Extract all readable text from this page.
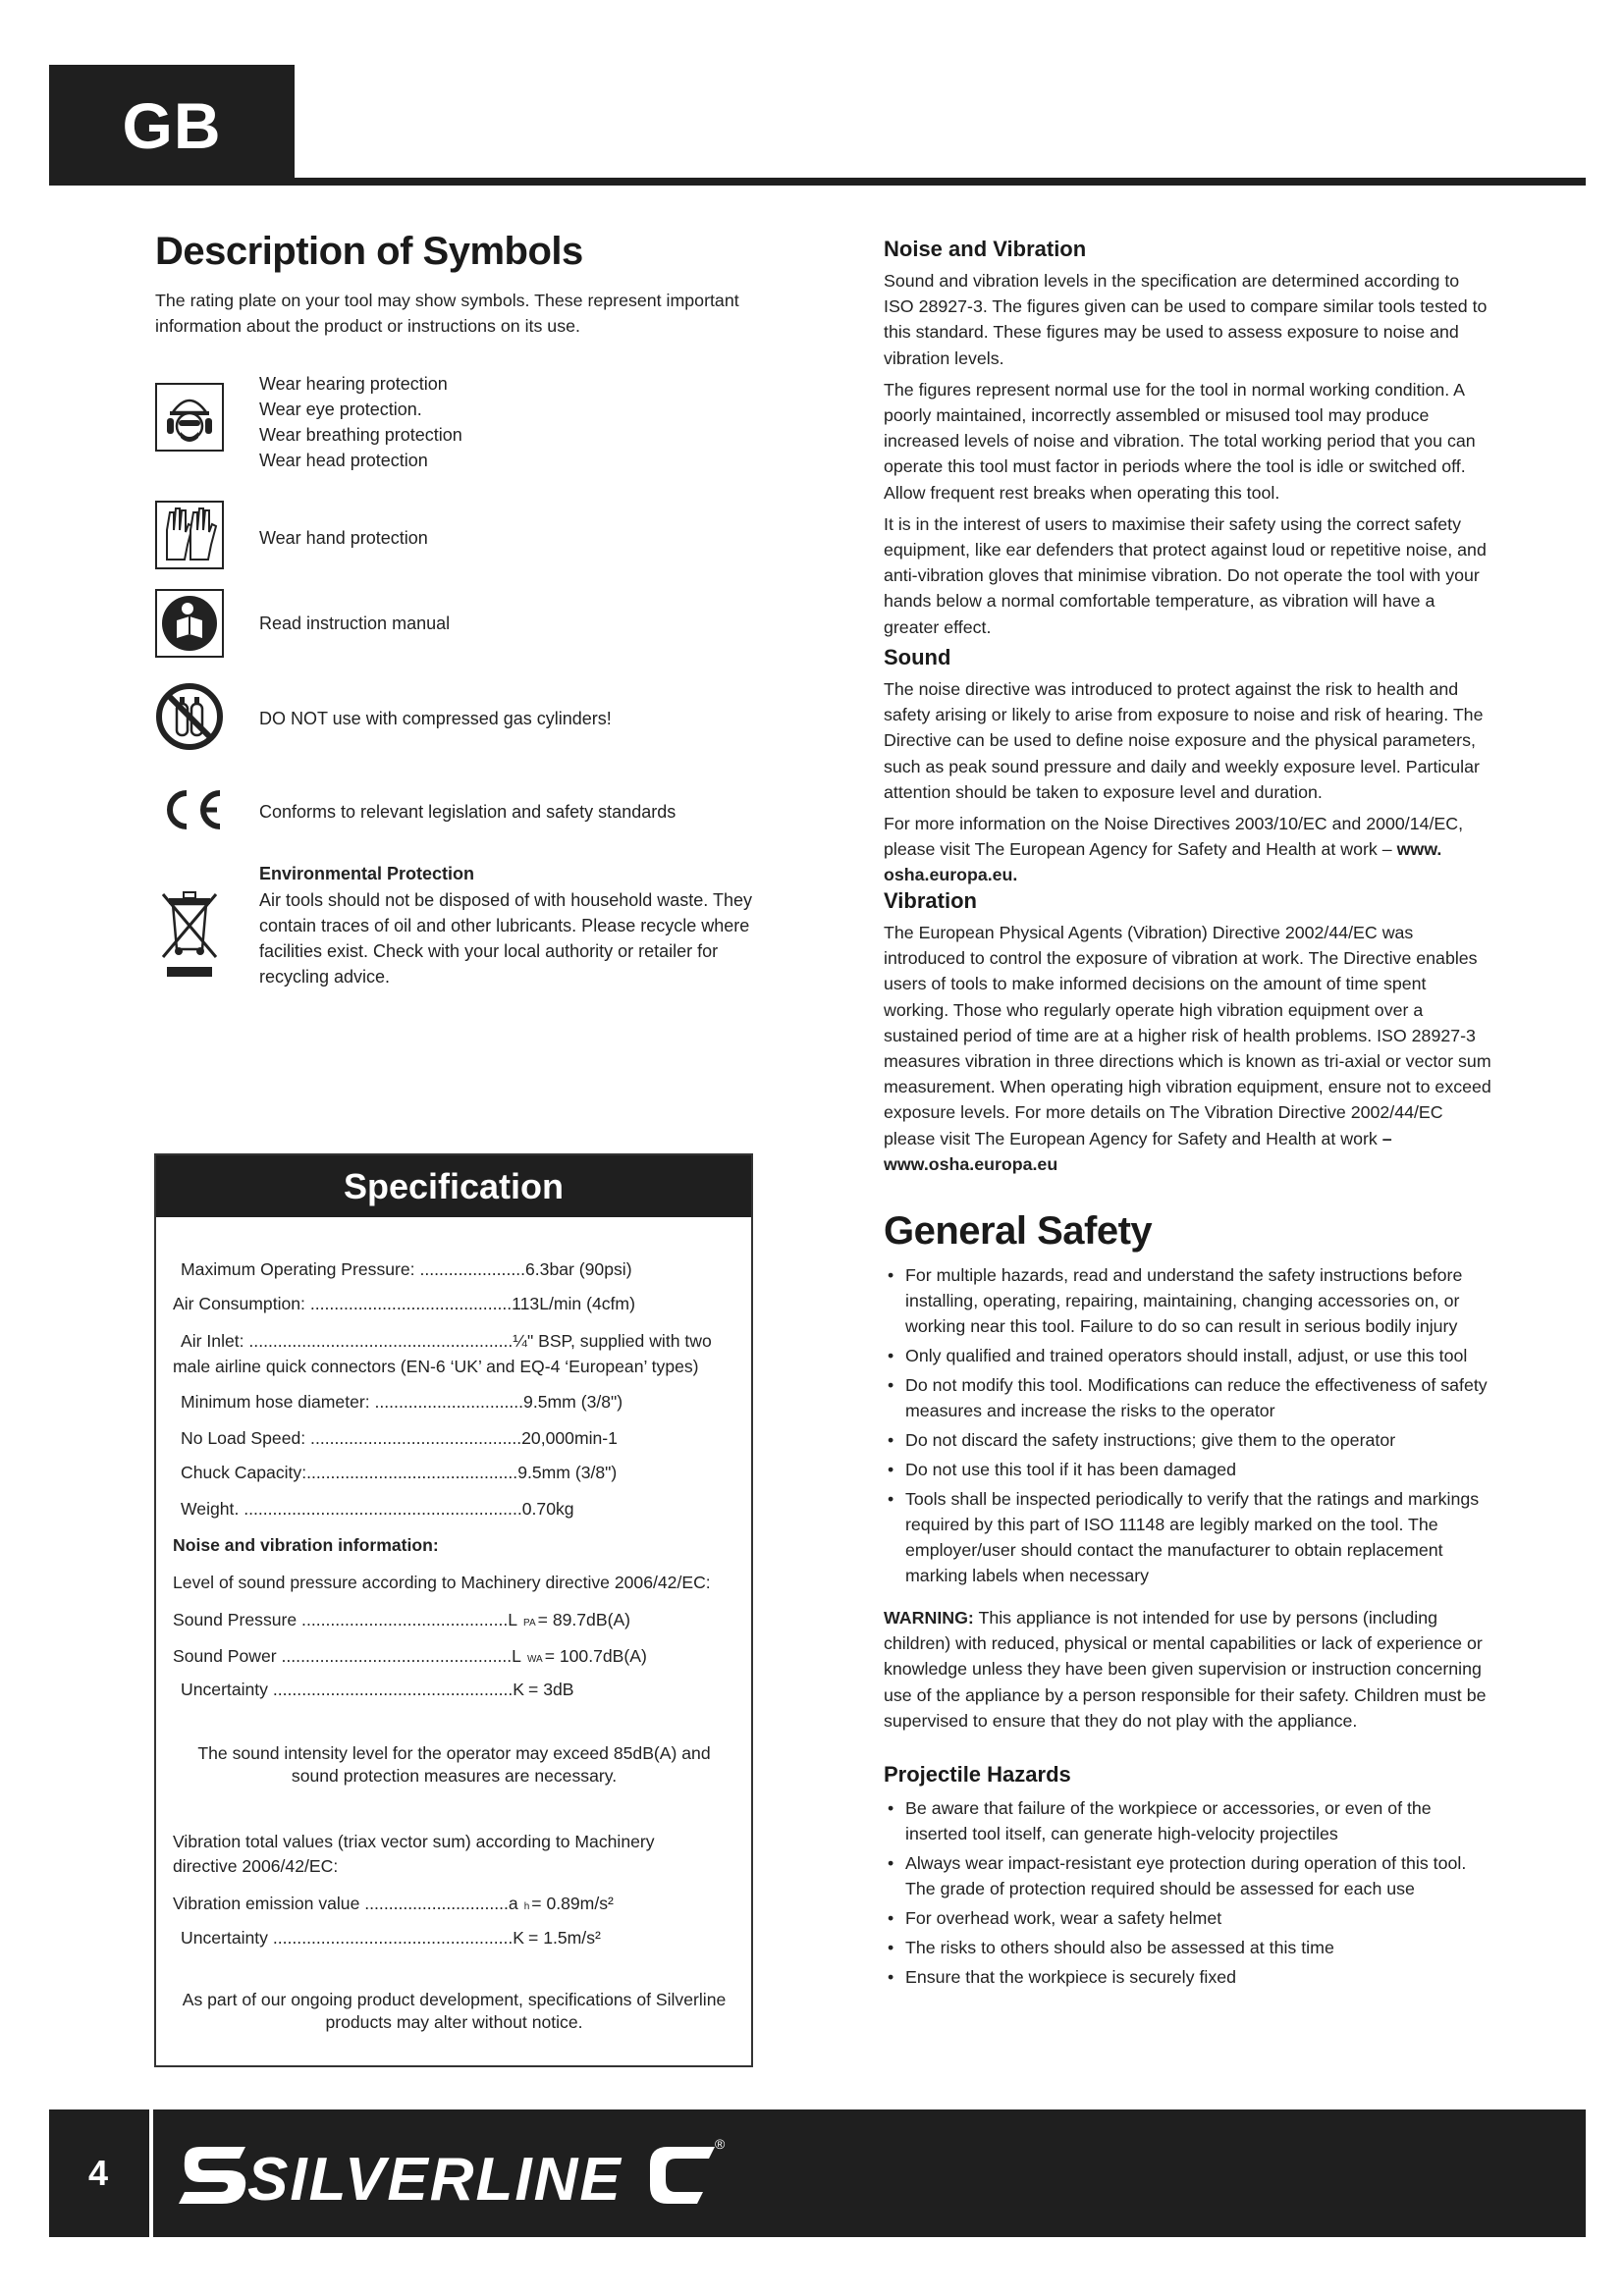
GB
Description of Symbols
The rating plate on your tool may show symbols. These represent important information about the product or instructions on its use.
Wear hearing protection
Wear eye protection.
Wear breathing protection
Wear head protection
Wear hand protection
Read instruction manual
DO NOT use with compressed gas cylinders!
Conforms to relevant legislation and safety standards
Environmental Protection
Air tools should not be disposed of with household waste. They contain traces of oil and other lubricants. Please recycle where facilities exist. Check with your local authority or retailer for recycling advice.
Specification
Maximum Operating Pressure: ......................6.3bar (90psi)
Air Consumption: ..........................................113L/min (4cfm)
Air Inlet: .......................................................¼" BSP, supplied with two
male airline quick connectors (EN-6 ‘UK’ and EQ-4 ‘European’ types)
Minimum hose diameter: ...............................9.5mm (3/8")
No Load Speed: ............................................20,000min-1
Chuck Capacity:............................................9.5mm (3/8")
Weight. ..........................................................0.70kg
Noise and vibration information:
Level of sound pressure according to Machinery directive 2006/42/EC:
Sound Pressure ...........................................L PA = 89.7dB(A)
Sound Power ................................................L WA = 100.7dB(A)
Uncertainty ..................................................K = 3dB
The sound intensity level for the operator may exceed 85dB(A) and sound protection measures are necessary.
Vibration total values (triax vector sum) according to Machinery directive 2006/42/EC:
Vibration emission value ..............................a h = 0.89m/s²
Uncertainty ..................................................K = 1.5m/s²
As part of our ongoing product development, specifications of Silverline products may alter without notice.
Noise and Vibration

Sound and vibration levels in the specification are determined according to ISO 28927-3. The figures given can be used to compare similar tools tested to this standard. These figures may be used to assess exposure to noise and vibration levels.

The figures represent normal use for the tool in normal working condition. A poorly maintained, incorrectly assembled or misused tool may produce increased levels of noise and vibration. The total working period that you can operate this tool must factor in periods where the tool is idle or switched off. Allow frequent rest breaks when operating this tool.

It is in the interest of users to maximise their safety using the correct safety equipment, like ear defenders that protect against loud or repetitive noise, and anti-vibration gloves that minimise vibration. Do not operate the tool with your hands below a normal comfortable temperature, as vibration will have a greater effect.

Sound

The noise directive was introduced to protect against the risk to health and safety arising or likely to arise from exposure to noise and risk of hearing. The Directive can be used to define noise exposure and the physical parameters, such as peak sound pressure and daily and weekly exposure level. Particular attention should be taken to exposure level and duration.

For more information on the Noise Directives 2003/10/EC and 2000/14/EC, please visit The European Agency for Safety and Health at work – www. osha.europa.eu.

Vibration

The European Physical Agents (Vibration) Directive 2002/44/EC was introduced to control the exposure of vibration at work. The Directive enables users of tools to make informed decisions on the amount of time spent working. Those who regularly operate high vibration equipment over a sustained period of time are at a higher risk of health problems. ISO 28927-3 measures vibration in three directions which is known as tri-axial or vector sum measurement. When operating high vibration equipment, ensure not to exceed exposure levels. For more details on The Vibration Directive 2002/44/EC please visit The European Agency for Safety and Health at work –www.osha.europa.eu

General Safety
• For multiple hazards, read and understand the safety instructions before installing, operating, repairing, maintaining, changing accessories on, or working near this tool. Failure to do so can result in serious bodily injury
• Only qualified and trained operators should install, adjust, or use this tool
• Do not modify this tool. Modifications can reduce the effectiveness of safety measures and increase the risks to the operator
• Do not discard the safety instructions; give them to the operator
• Do not use this tool if it has been damaged
• Tools shall be inspected periodically to verify that the ratings and markings required by this part of ISO 11148 are legibly marked on the tool. The employer/user should contact the manufacturer to obtain replacement marking labels when necessary

WARNING: This appliance is not intended for use by persons (including children) with reduced, physical or mental capabilities or lack of experience or knowledge unless they have been given supervision or instruction concerning use of the appliance by a person responsible for their safety. Children must be supervised to ensure that they do not play with the appliance.

Projectile Hazards
• Be aware that failure of the workpiece or accessories, or even of the inserted tool itself, can generate high-velocity projectiles
• Always wear impact-resistant eye protection during operation of this tool. The grade of protection required should be assessed for each use
• For overhead work, wear a safety helmet
• The risks to others should also be assessed at this time
• Ensure that the workpiece is securely fixed
4	SILVERLINE
®
